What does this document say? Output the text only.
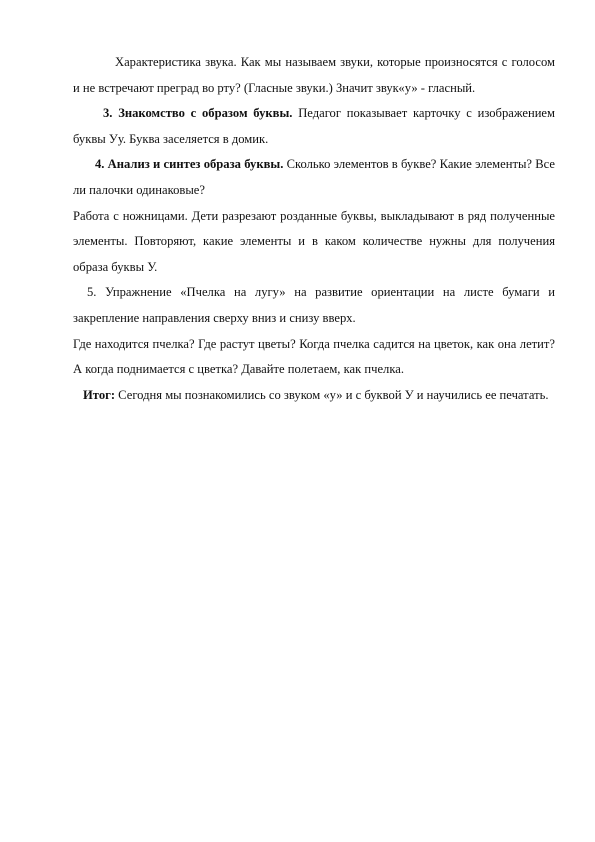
Характеристика звука. Как мы называем звуки, которые произносятся с голосом и не встречают преград во рту? (Гласные звуки.) Значит звук«у» - гласный.

3. Знакомство с образом буквы. Педагог показывает карточку с изображением буквы Уу. Буква заселяется в домик.

4. Анализ и синтез образа буквы. Сколько элементов в букве? Какие элементы? Все ли палочки одинаковые?

Работа с ножницами. Дети разрезают розданные буквы, выкладывают в ряд полученные элементы. Повторяют, какие элементы и в каком количестве нужны для получения образа буквы У.

5. Упражнение «Пчелка на лугу» на развитие ориентации на листе бумаги и закрепление направления сверху вниз и снизу вверх.

Где находится пчелка? Где растут цветы? Когда пчелка садится на цветок, как она летит? А когда поднимается с цветка? Давайте полетаем, как пчелка.

Итог: Сегодня мы познакомились со звуком «у» и с буквой У и научились ее печатать.
